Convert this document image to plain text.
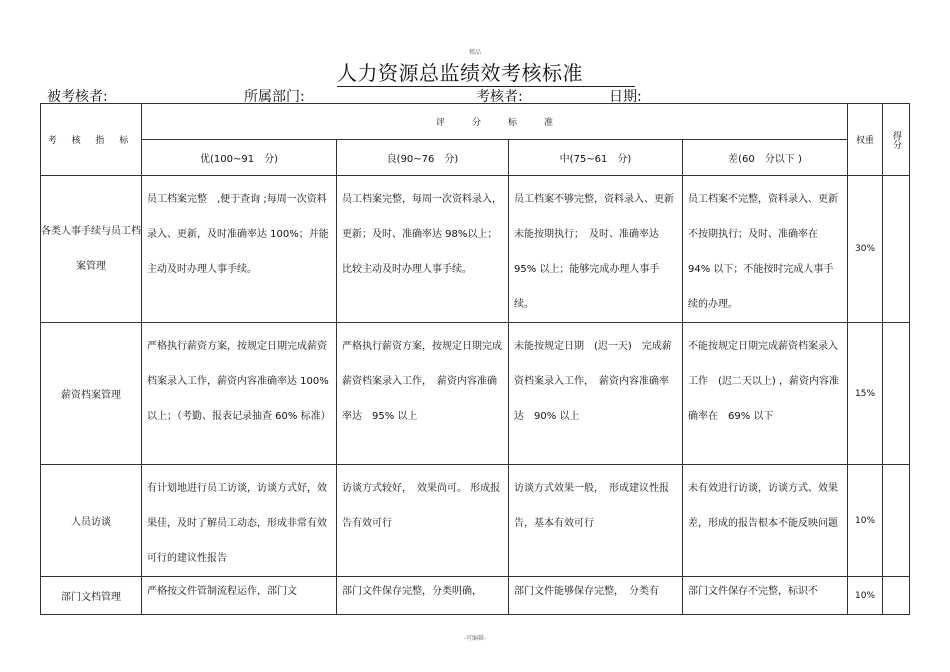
精品
人力资源总监绩效考核标准
被考核者:	所属部门:	考核者:	日期:
考 核 指 标	评　　　分　　　标　　　准				权重	得分

	优(100~91　分)	良(90~76　分)	中(75~61　分)	差(60　分以下 )		
各类人事手续与员工档案管理	员工档案完整　,便于查询 ;每周一次资料录入、更新，及时准确率达 100%；并能主动及时办理人事手续。	员工档案完整，每周一次资料录入，更新；及时、准确率达 98%以上；比较主动及时办理人事手续。	员工档案不够完整，资料录入、更新未能按期执行；　及时、准确率达　95% 以上；能够完成办理人事手续。	员工档案不完整，资料录入、更新不按期执行；及时、准确率在 94% 以下；不能按时完成人事手续的办理。	30%	
薪资档案管理	严格执行薪资方案，按规定日期完成薪资档案录入工作，薪资内容准确率达 100% 以上；（考勤、报表记录抽查 60% 标准）	严格执行薪资方案，按规定日期完成薪资档案录入工作，　薪资内容准确率达　95% 以上	未能按规定日期　(迟一天)　完成薪资档案录入工作，　薪资内容准确率达　90% 以上	不能按规定日期完成薪资档案录入工作　(迟二天以上) ，薪资内容准确率在　69% 以下	15%	
人员访谈	有计划地进行员工访谈，访谈方式好，效果佳，及时了解员工动态，形成非常有效可行的建议性报告	访谈方式较好，　效果尚可。 形成报告有效可行	访谈方式效果一般，　形成建议性报告，基本有效可行	未有效进行访谈，访谈方式、效果差，形成的报告根本不能反映问题	10%	
部门文档管理	严格按文件管制流程运作，部门文	部门文件保存完整，分类明确，	部门文件能够保存完整，　分类有	部门文件保存不完整，标识不	10%	
-可编辑-
